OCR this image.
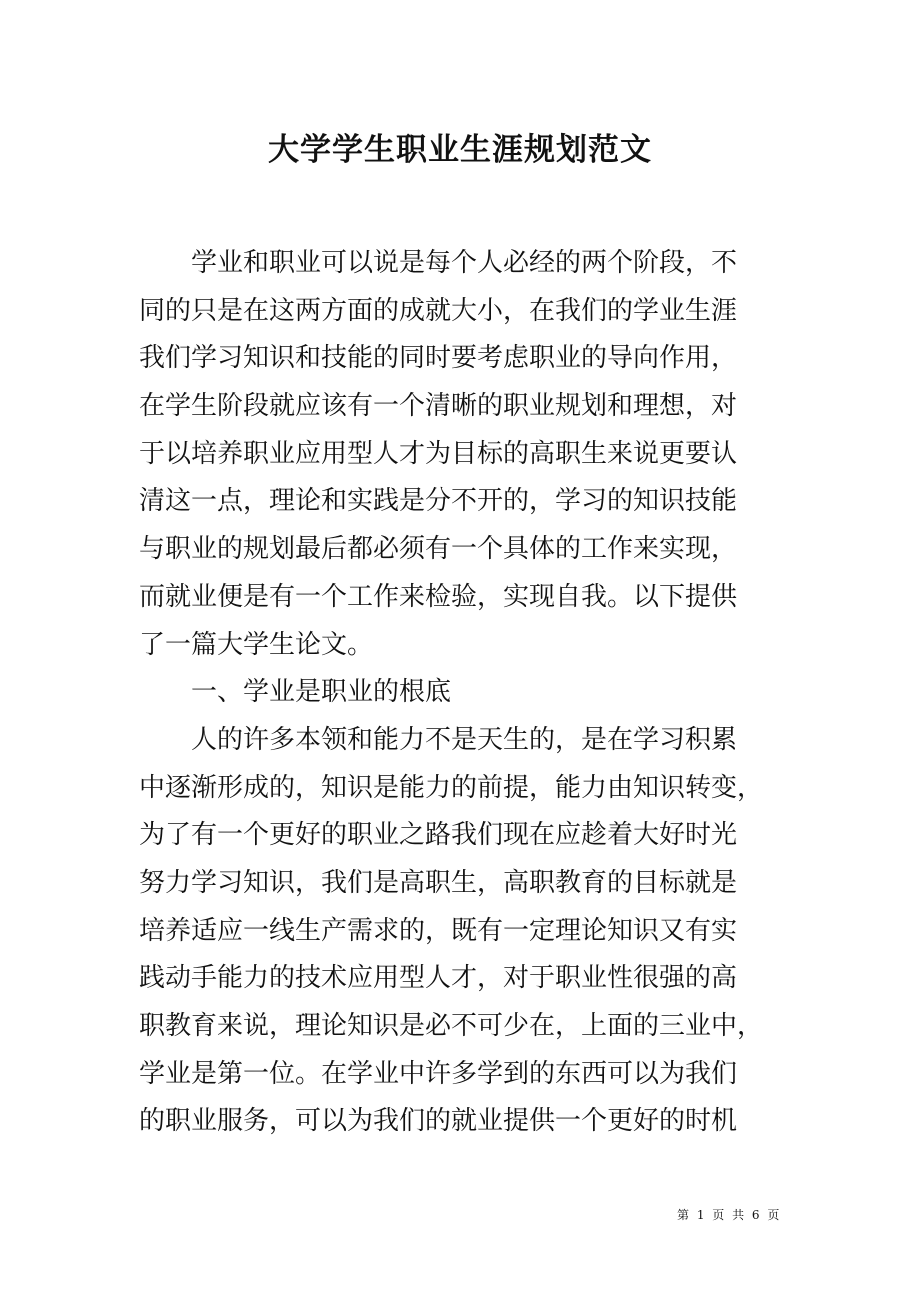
大学学生职业生涯规划范文
　　学业和职业可以说是每个人必经的两个阶段，不
同的只是在这两方面的成就大小，在我们的学业生涯
我们学习知识和技能的同时要考虑职业的导向作用，
在学生阶段就应该有一个清晰的职业规划和理想，对
于以培养职业应用型人才为目标的高职生来说更要认
清这一点，理论和实践是分不开的，学习的知识技能
与职业的规划最后都必须有一个具体的工作来实现，
而就业便是有一个工作来检验，实现自我。以下提供
了一篇大学生论文。
　　一、学业是职业的根底
　　人的许多本领和能力不是天生的，是在学习积累
中逐渐形成的，知识是能力的前提，能力由知识转变，
为了有一个更好的职业之路我们现在应趁着大好时光
努力学习知识，我们是高职生，高职教育的目标就是
培养适应一线生产需求的，既有一定理论知识又有实
践动手能力的技术应用型人才，对于职业性很强的高
职教育来说，理论知识是必不可少在，上面的三业中，
学业是第一位。在学业中许多学到的东西可以为我们
的职业服务，可以为我们的就业提供一个更好的时机
第 1 页 共 6 页
